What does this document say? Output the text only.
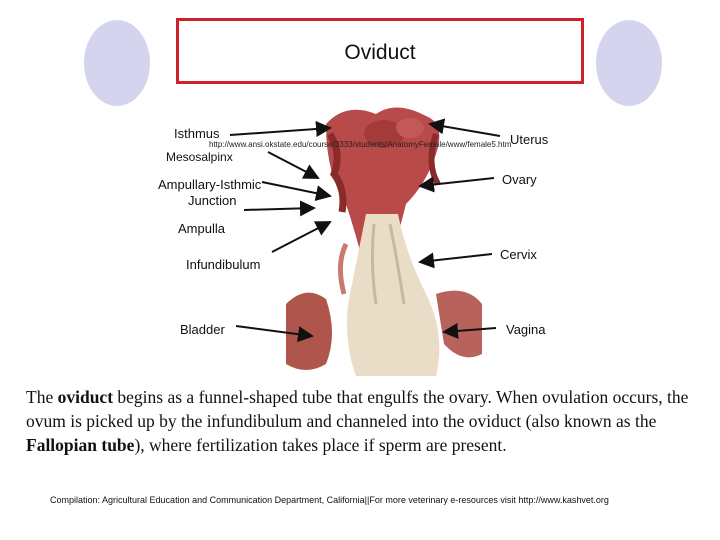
Oviduct
Isthmus
http://www.ansi.okstate.edu/course/3333/students/AnatomyFemale/www/female5.htm
Mesosalpinx
Ampullary-Isthmic
Junction
Ampulla
Infundibulum
Bladder
Uterus
Ovary
Cervix
Vagina

The oviduct begins as a funnel-shaped tube that engulfs the ovary. When ovulation occurs, the ovum is picked up by the infundibulum and channeled into the oviduct (also known as the Fallopian tube), where fertilization takes place if sperm are present.

Compilation: Agricultural Education and Communication Department, California||For more veterinary e-resources visit http://www.kashvet.org
